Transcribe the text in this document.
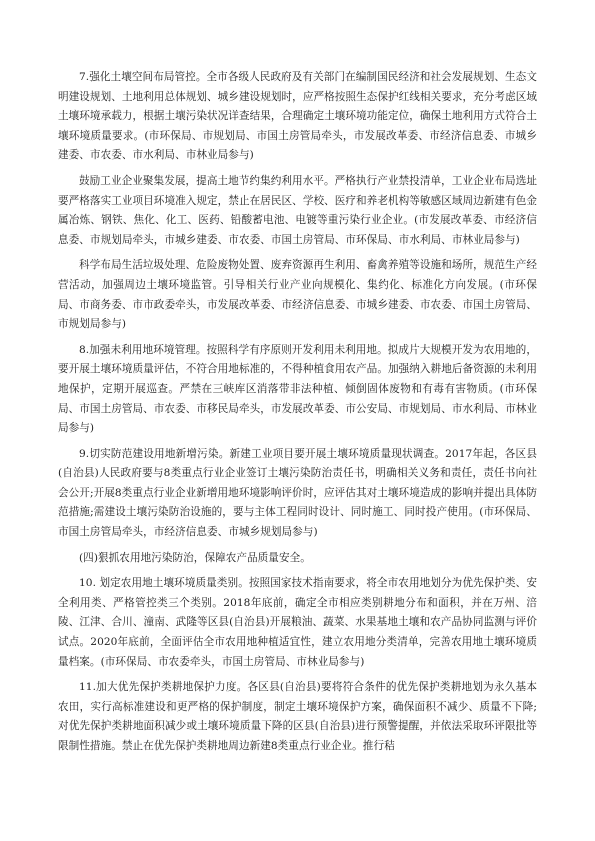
7.强化土壤空间布局管控。全市各级人民政府及有关部门在编制国民经济和社会发展规划、生态文明建设规划、土地利用总体规划、城乡建设规划时，应严格按照生态保护红线相关要求，充分考虑区域土壤环境承载力，根据土壤污染状况详查结果，合理确定土壤环境功能定位，确保土地利用方式符合土壤环境质量要求。(市环保局、市规划局、市国土房管局牵头，市发展改革委、市经济信息委、市城乡建委、市农委、市水利局、市林业局参与)

鼓励工业企业聚集发展，提高土地节约集约利用水平。严格执行产业禁投清单，工业企业布局选址要严格落实工业项目环境准入规定，禁止在居民区、学校、医疗和养老机构等敏感区域周边新建有色金属冶炼、钢铁、焦化、化工、医药、铅酸蓄电池、电镀等重污染行业企业。(市发展改革委、市经济信息委、市规划局牵头，市城乡建委、市农委、市国土房管局、市环保局、市水利局、市林业局参与)

科学布局生活垃圾处理、危险废物处置、废弃资源再生利用、畜禽养殖等设施和场所，规范生产经营活动，加强周边土壤环境监管。引导相关行业产业向规模化、集约化、标准化方向发展。(市环保局、市商务委、市市政委牵头，市发展改革委、市经济信息委、市城乡建委、市农委、市国土房管局、市规划局参与)

8.加强未利用地环境管理。按照科学有序原则开发利用未利用地。拟成片大规模开发为农用地的，要开展土壤环境质量评估，不符合用地标准的，不得种植食用农产品。加强纳入耕地后备资源的未利用地保护，定期开展巡查。严禁在三峡库区消落带非法种植、倾倒固体废物和有毒有害物质。(市环保局、市国土房管局、市农委、市移民局牵头，市发展改革委、市公安局、市规划局、市水利局、市林业局参与)

9.切实防范建设用地新增污染。新建工业项目要开展土壤环境质量现状调查。2017年起，各区县(自治县)人民政府要与8类重点行业企业签订土壤污染防治责任书，明确相关义务和责任，责任书向社会公开;开展8类重点行业企业新增用地环境影响评价时，应评估其对土壤环境造成的影响并提出具体防范措施;需建设土壤污染防治设施的，要与主体工程同时设计、同时施工、同时投产使用。(市环保局、市国土房管局牵头，市经济信息委、市城乡规划局参与)

(四)狠抓农用地污染防治，保障农产品质量安全。

10. 划定农用地土壤环境质量类别。按照国家技术指南要求，将全市农用地划分为优先保护类、安全利用类、严格管控类三个类别。2018年底前，确定全市相应类别耕地分布和面积，并在万州、涪陵、江津、合川、潼南、武隆等区县(自治县)开展粮油、蔬菜、水果基地土壤和农产品协同监测与评价试点。2020年底前，全面评估全市农用地种植适宜性，建立农用地分类清单，完善农用地土壤环境质量档案。(市环保局、市农委牵头，市国土房管局、市林业局参与)

11.加大优先保护类耕地保护力度。各区县(自治县)要将符合条件的优先保护类耕地划为永久基本农田，实行高标准建设和更严格的保护制度，制定土壤环境保护方案，确保面积不减少、质量不下降;对优先保护类耕地面积减少或土壤环境质量下降的区县(自治县)进行预警提醒，并依法采取环评限批等限制性措施。禁止在优先保护类耕地周边新建8类重点行业企业。推行秸
